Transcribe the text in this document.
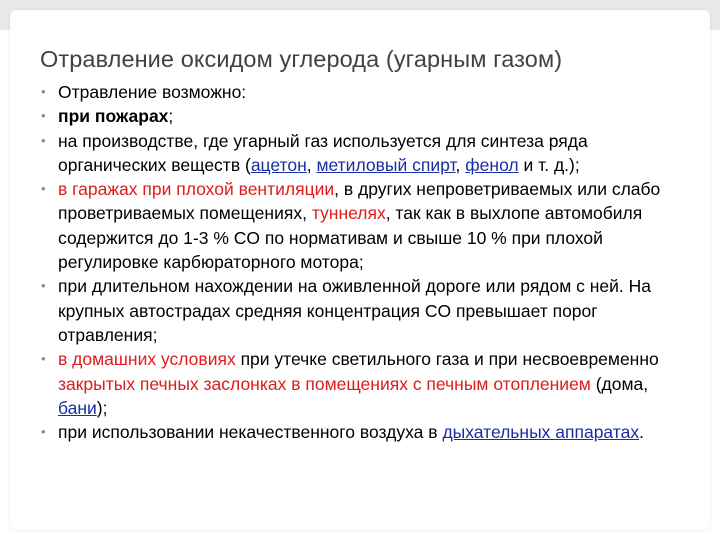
Отравление оксидом углерода (угарным газом)
• Отравление возможно:
• при пожарах;
• на производстве, где угарный газ используется для синтеза ряда органических веществ (ацетон, метиловый спирт, фенол и т. д.);
• в гаражах при плохой вентиляции, в других непроветриваемых или слабо проветриваемых помещениях, туннелях, так как в выхлопе автомобиля содержится до 1-3 % CO по нормативам и свыше 10 % при плохой регулировке карбюраторного мотора;
• при длительном нахождении на оживленной дороге или рядом с ней. На крупных автострадах средняя концентрация CO превышает порог отравления;
• в домашних условиях при утечке светильного газа и при несвоевременно закрытых печных заслонках в помещениях с печным отоплением (дома, бани);
• при использовании некачественного воздуха в дыхательных аппаратах.
